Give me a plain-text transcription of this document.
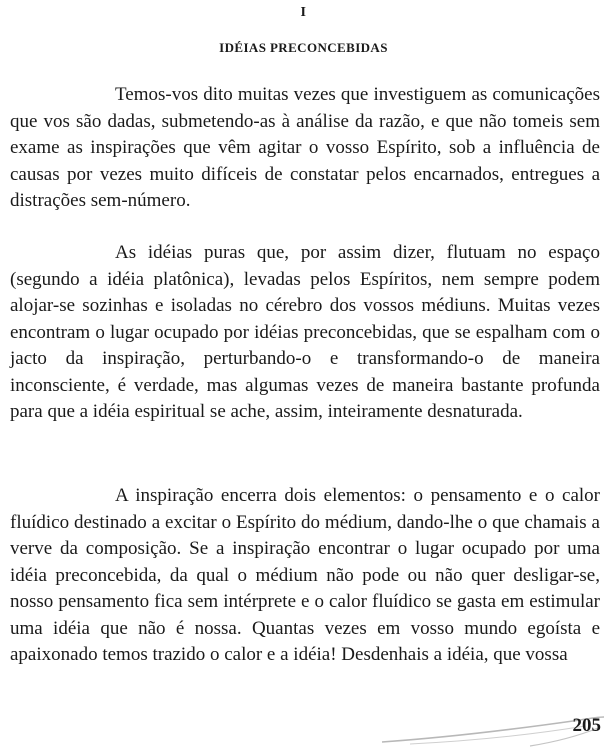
I
IDÉIAS PRECONCEBIDAS

Temos-vos dito muitas vezes que investiguem as comunicações que vos são dadas, submetendo-as à análise da razão, e que não tomeis sem exame as inspirações que vêm agitar o vosso Espírito, sob a influência de causas por vezes muito difíceis de constatar pelos encarnados, entregues a distrações sem-número.

As idéias puras que, por assim dizer, flutuam no espaço (segundo a idéia platônica), levadas pelos Espíritos, nem sempre podem alojar-se sozinhas e isoladas no cérebro dos vossos médiuns. Muitas vezes encontram o lugar ocupado por idéias preconcebidas, que se espalham com o jacto da inspiração, perturbando-o e transformando-o de maneira inconsciente, é verdade, mas algumas vezes de maneira bastante profunda para que a idéia espiritual se ache, assim, inteiramente desnaturada.

A inspiração encerra dois elementos: o pensamento e o calor fluídico destinado a excitar o Espírito do médium, dando-lhe o que chamais a verve da composição. Se a inspiração encontrar o lugar ocupado por uma idéia preconcebida, da qual o médium não pode ou não quer desligar-se, nosso pensamento fica sem intérprete e o calor fluídico se gasta em estimular uma idéia que não é nossa. Quantas vezes em vosso mundo egoísta e apaixonado temos trazido o calor e a idéia! Desdenhais a idéia, que vossa

205
